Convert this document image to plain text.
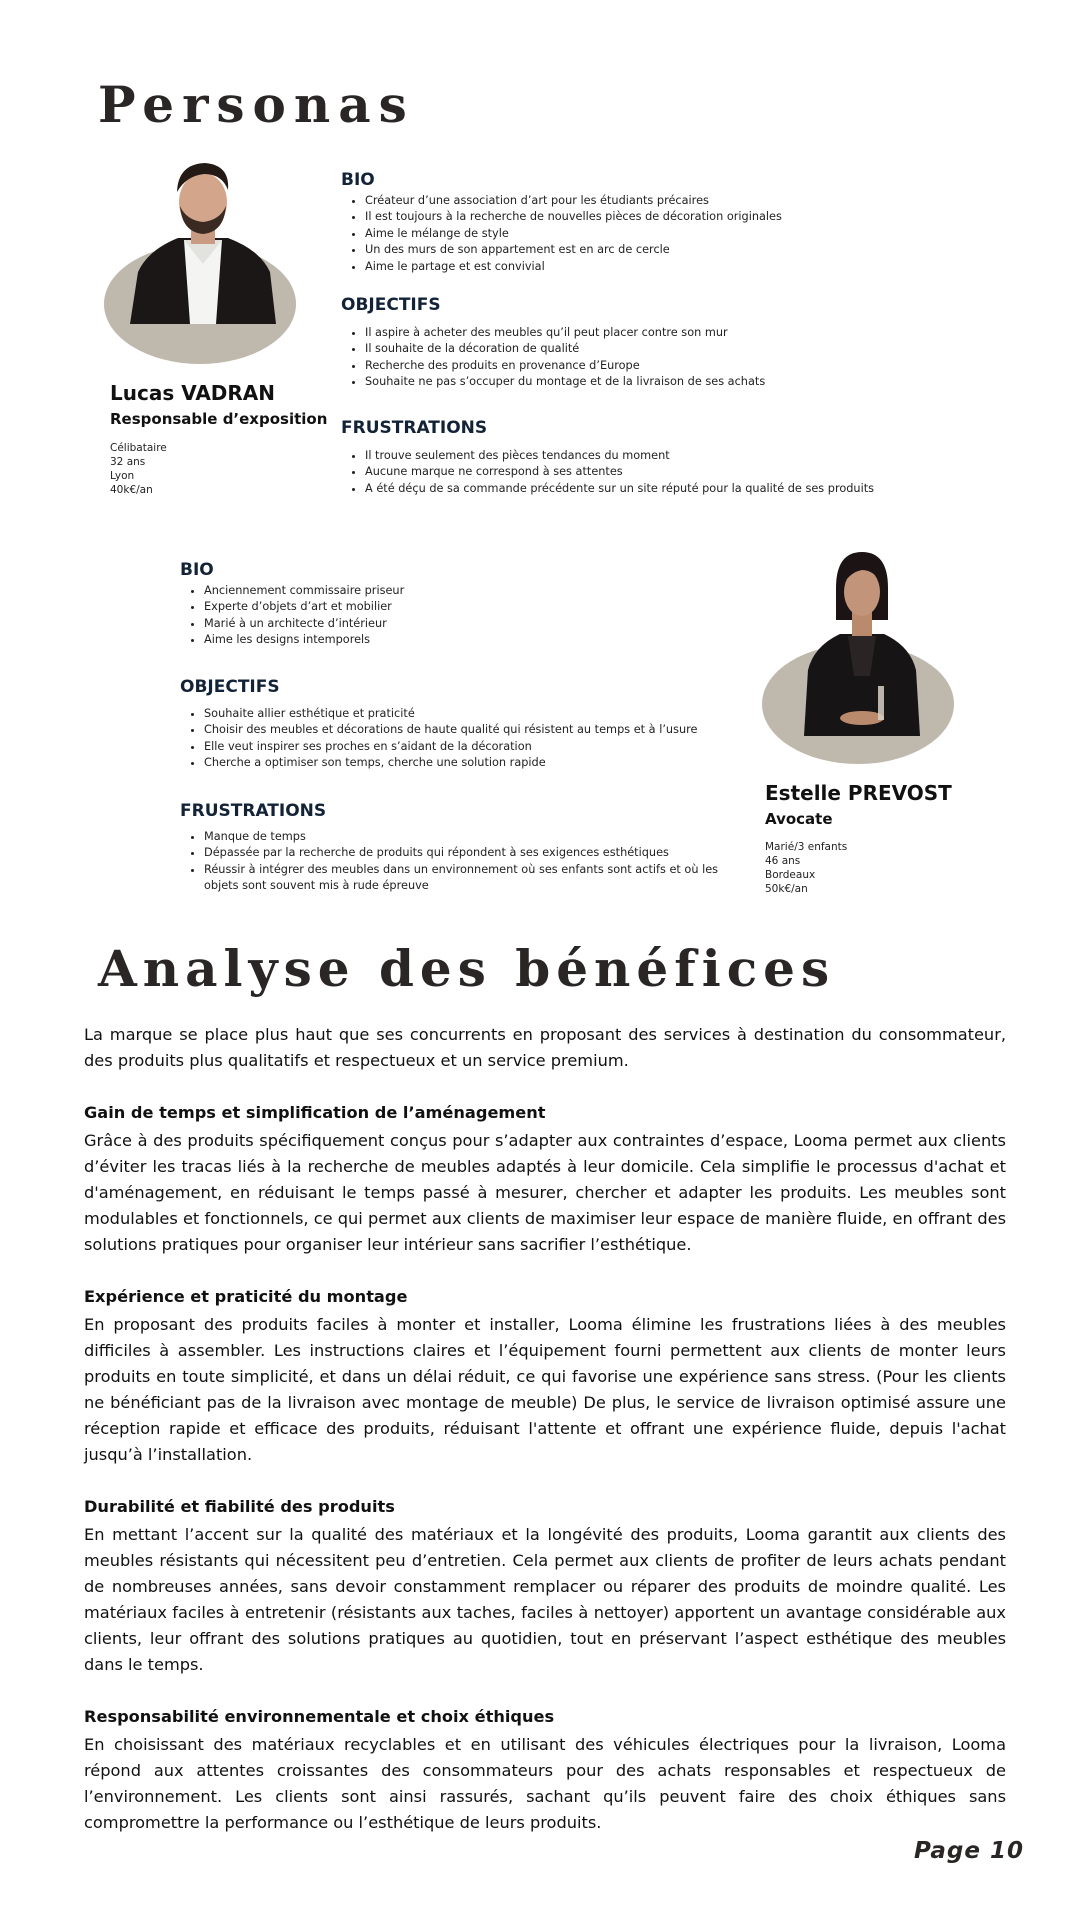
Personas
Lucas VADRAN
Responsable d’exposition
Célibataire
32 ans
Lyon
40k€/an
BIO
• Créateur d’une association d’art pour les étudiants précaires
• Il est toujours à la recherche de nouvelles pièces de décoration originales
• Aime le mélange de style
• Un des murs de son appartement est en arc de cercle
• Aime le partage et est convivial
OBJECTIFS
• Il aspire à acheter des meubles qu’il peut placer contre son mur
• Il souhaite de la décoration de qualité
• Recherche des produits en provenance d’Europe
• Souhaite ne pas s’occuper du montage et de la livraison de ses achats
FRUSTRATIONS
• Il trouve seulement des pièces tendances du moment
• Aucune marque ne correspond à ses attentes
• A été déçu de sa commande précédente sur un site réputé pour la qualité de ses produits
BIO
• Anciennement commissaire priseur
• Experte d’objets d’art et mobilier
• Marié à un architecte d’intérieur
• Aime les designs intemporels
OBJECTIFS
• Souhaite allier esthétique et praticité
• Choisir des meubles et décorations de haute qualité qui résistent au temps et à l’usure
• Elle veut inspirer ses proches en s’aidant de la décoration
• Cherche a optimiser son temps, cherche une solution rapide
FRUSTRATIONS
• Manque de temps
• Dépassée par la recherche de produits qui répondent à ses exigences esthétiques
• Réussir à intégrer des meubles dans un environnement où ses enfants sont actifs et où les objets sont souvent mis à rude épreuve
Estelle PREVOST
Avocate
Marié/3 enfants
46 ans
Bordeaux
50k€/an
Analyse des bénéfices

La marque se place plus haut que ses concurrents en proposant des services à destination du consommateur, des produits plus qualitatifs et respectueux et un service premium.

Gain de temps et simplification de l’aménagement

Grâce à des produits spécifiquement conçus pour s’adapter aux contraintes d’espace, Looma permet aux clients d’éviter les tracas liés à la recherche de meubles adaptés à leur domicile. Cela simplifie le processus d'achat et d'aménagement, en réduisant le temps passé à mesurer, chercher et adapter les produits. Les meubles sont modulables et fonctionnels, ce qui permet aux clients de maximiser leur espace de manière fluide, en offrant des solutions pratiques pour organiser leur intérieur sans sacrifier l’esthétique.

Expérience et praticité du montage

En proposant des produits faciles à monter et installer, Looma élimine les frustrations liées à des meubles difficiles à assembler. Les instructions claires et l’équipement fourni permettent aux clients de monter leurs produits en toute simplicité, et dans un délai réduit, ce qui favorise une expérience sans stress. (Pour les clients ne bénéficiant pas de la livraison avec montage de meuble) De plus, le service de livraison optimisé assure une réception rapide et efficace des produits, réduisant l'attente et offrant une expérience fluide, depuis l'achat jusqu’à l’installation.

Durabilité et fiabilité des produits

En mettant l’accent sur la qualité des matériaux et la longévité des produits, Looma garantit aux clients des meubles résistants qui nécessitent peu d’entretien. Cela permet aux clients de profiter de leurs achats pendant de nombreuses années, sans devoir constamment remplacer ou réparer des produits de moindre qualité. Les matériaux faciles à entretenir (résistants aux taches, faciles à nettoyer) apportent un avantage considérable aux clients, leur offrant des solutions pratiques au quotidien, tout en préservant l’aspect esthétique des meubles dans le temps.

Responsabilité environnementale et choix éthiques

En choisissant des matériaux recyclables et en utilisant des véhicules électriques pour la livraison, Looma répond aux attentes croissantes des consommateurs pour des achats responsables et respectueux de l’environnement. Les clients sont ainsi rassurés, sachant qu’ils peuvent faire des choix éthiques sans compromettre la performance ou l’esthétique de leurs produits.

Page 10
